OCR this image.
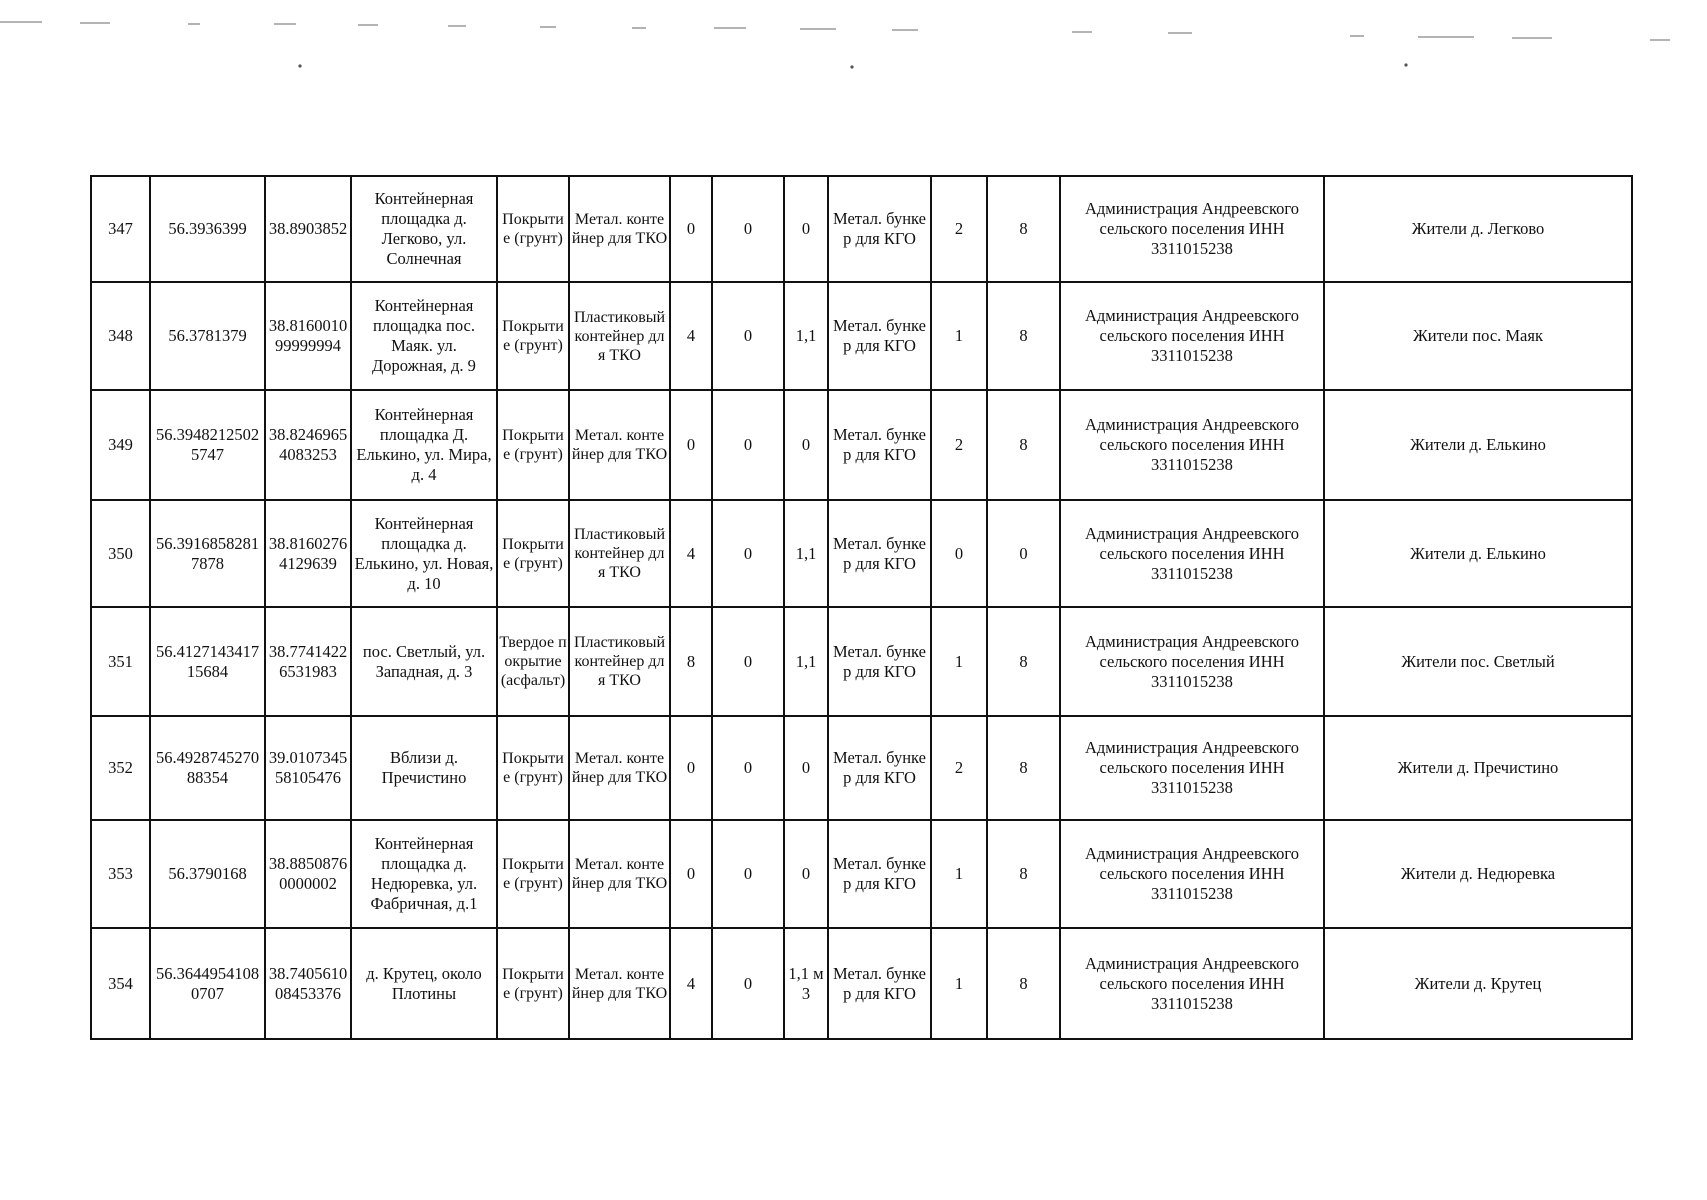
347	56.3936399	38.8903852	Контейнерная площадка д. Легково, ул. Солнечная	Покрытие (грунт)	Метал. контейнер для ТКО	0	0	0	Метал. бункер для КГО	2	8	Администрация Андреевского сельского поселения ИНН 3311015238	Жители д. Легково
348	56.3781379	38.816001099999994	Контейнерная площадка пос. Маяк. ул. Дорожная, д. 9	Покрытие (грунт)	Пластиковый контейнер для ТКО	4	0	1,1	Метал. бункер для КГО	1	8	Администрация Андреевского сельского поселения ИНН 3311015238	Жители пос. Маяк
349	56.39482125025747	38.82469654083253	Контейнерная площадка Д. Елькино, ул. Мира, д. 4	Покрытие (грунт)	Метал. контейнер для ТКО	0	0	0	Метал. бункер для КГО	2	8	Администрация Андреевского сельского поселения ИНН 3311015238	Жители д. Елькино
350	56.39168582817878	38.81602764129639	Контейнерная площадка д. Елькино, ул. Новая, д. 10	Покрытие (грунт)	Пластиковый контейнер для ТКО	4	0	1,1	Метал. бункер для КГО	0	0	Администрация Андреевского сельского поселения ИНН 3311015238	Жители д. Елькино
351	56.412714341715684	38.77414226531983	пос. Светлый, ул. Западная, д. 3	Твердое покрытие (асфальт)	Пластиковый контейнер для ТКО	8	0	1,1	Метал. бункер для КГО	1	8	Администрация Андреевского сельского поселения ИНН 3311015238	Жители пос. Светлый
352	56.492874527088354	39.010734558105476	Вблизи д. Пречистино	Покрытие (грунт)	Метал. контейнер для ТКО	0	0	0	Метал. бункер для КГО	2	8	Администрация Андреевского сельского поселения ИНН 3311015238	Жители д. Пречистино
353	56.3790168	38.88508760000002	Контейнерная площадка д. Недюревка, ул. Фабричная, д.1	Покрытие (грунт)	Метал. контейнер для ТКО	0	0	0	Метал. бункер для КГО	1	8	Администрация Андреевского сельского поселения ИНН 3311015238	Жители д. Недюревка
354	56.36449541080707	38.740561008453376	д. Крутец, около Плотины	Покрытие (грунт)	Метал. контейнер для ТКО	4	0	1,1 м3	Метал. бункер для КГО	1	8	Администрация Андреевского сельского поселения ИНН 3311015238	Жители д. Крутец
